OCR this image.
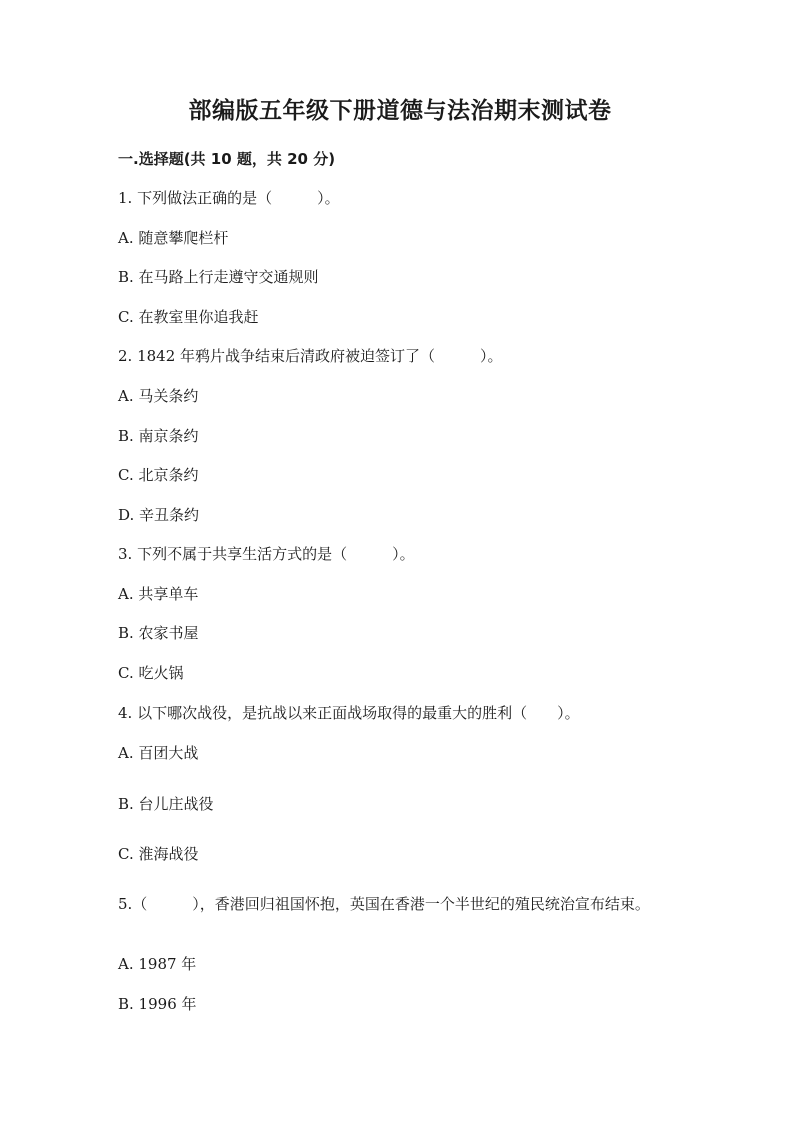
部编版五年级下册道德与法治期末测试卷
一.选择题(共 10 题，共 20 分)
1. 下列做法正确的是（　　　）。
A. 随意攀爬栏杆
B. 在马路上行走遵守交通规则
C. 在教室里你追我赶
2. 1842 年鸦片战争结束后清政府被迫签订了（　　　）。
A. 马关条约
B. 南京条约
C. 北京条约
D. 辛丑条约
3. 下列不属于共享生活方式的是（　　　）。
A. 共享单车
B. 农家书屋
C. 吃火锅
4. 以下哪次战役，是抗战以来正面战场取得的最重大的胜利（　　）。
A. 百团大战
B. 台儿庄战役
C. 淮海战役
5.（　　　），香港回归祖国怀抱，英国在香港一个半世纪的殖民统治宣布结束。
A. 1987 年
B. 1996 年
